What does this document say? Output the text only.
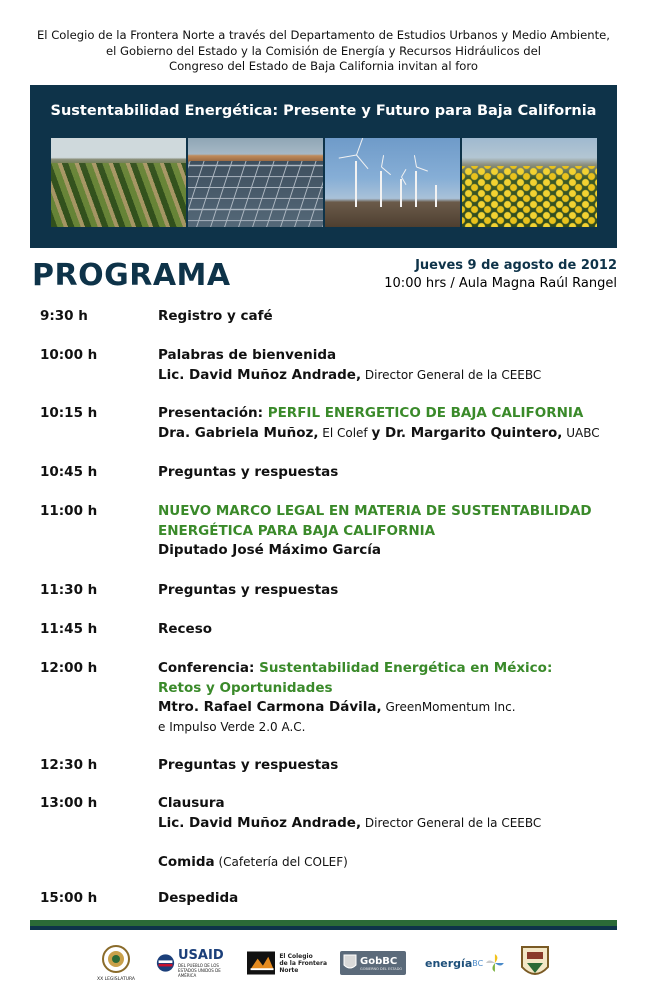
El Colegio de la Frontera Norte a través del Departamento de Estudios Urbanos y Medio Ambiente,
el Gobierno del Estado y la Comisión de Energía y Recursos Hidráulicos del
Congreso del Estado de Baja California invitan al foro
Sustentabilidad Energética: Presente y Futuro para Baja California
PROGRAMA	Jueves 9 de agosto de 2012
10:00 hrs / Aula Magna Raúl Rangel
9:30 h	Registro y café
10:00 h	Palabras de bienvenida
Lic. David Muñoz Andrade, Director General de la CEEBC
10:15 h	Presentación: PERFIL ENERGETICO DE BAJA CALIFORNIA
Dra. Gabriela Muñoz, El Colef y Dr. Margarito Quintero, UABC
10:45 h	Preguntas y respuestas
11:00 h	NUEVO MARCO LEGAL EN MATERIA DE SUSTENTABILIDAD
ENERGÉTICA PARA BAJA CALIFORNIA
Diputado José Máximo García
11:30 h	Preguntas y respuestas
11:45 h	Receso
12:00 h	Conferencia: Sustentabilidad Energética en México:
Retos y Oportunidades
Mtro. Rafael Carmona Dávila, GreenMomentum Inc.
e Impulso Verde 2.0 A.C.
12:30 h	Preguntas y respuestas
13:00 h	Clausura
Lic. David Muñoz Andrade, Director General de la CEEBC
Comida (Cafetería del COLEF)
15:00 h	Despedida
XX LEGISLATURA
USAID
DEL PUEBLO DE LOS ESTADOS UNIDOS DE AMÉRICA
El Colegio
de la Frontera
Norte
GobBC
GOBIERNO DEL ESTADO energía BC
